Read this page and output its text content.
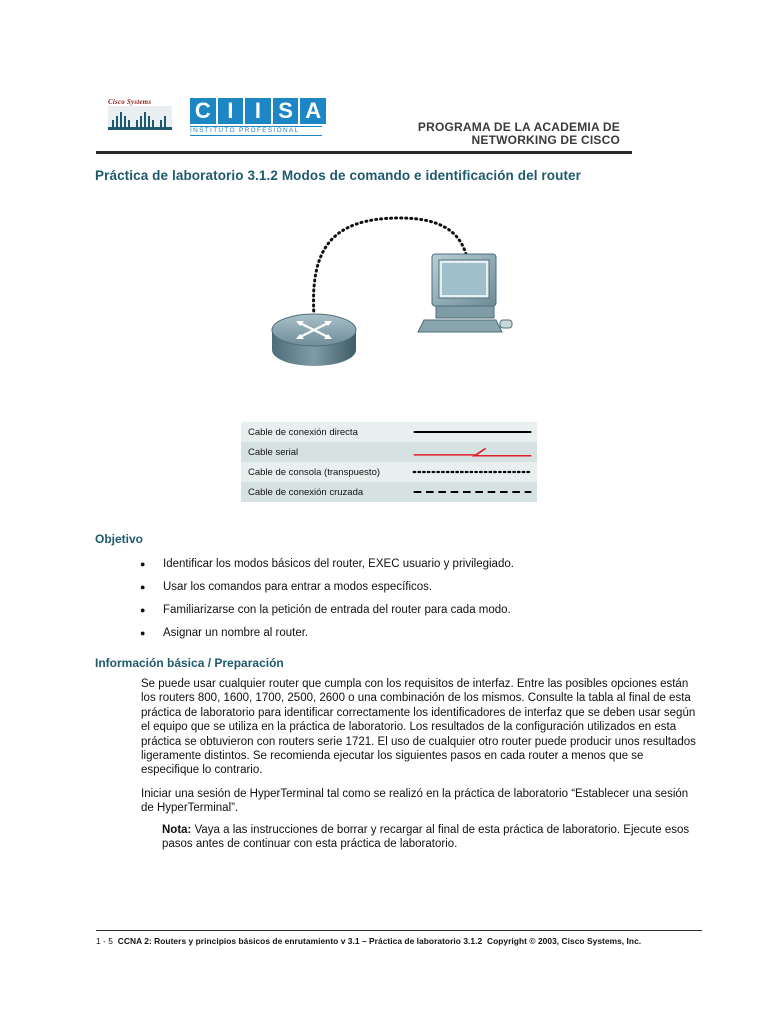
Cisco Systems	C I I S A
INSTITUTO PROFESIONAL	PROGRAMA DE LA ACADEMIA DE
NETWORKING DE CISCO
Práctica de laboratorio 3.1.2 Modos de comando e identificación del router
Cable de conexión directa
Cable serial
Cable de consola (transpuesto)
Cable de conexión cruzada
Objetivo
● Identificar los modos básicos del router, EXEC usuario y privilegiado.
● Usar los comandos para entrar a modos específicos.
● Familiarizarse con la petición de entrada del router para cada modo.
● Asignar un nombre al router.
Información básica / Preparación
Se puede usar cualquier router que cumpla con los requisitos de interfaz. Entre las posibles opciones están los routers 800, 1600, 1700, 2500, 2600 o una combinación de los mismos. Consulte la tabla al final de esta práctica de laboratorio para identificar correctamente los identificadores de interfaz que se deben usar según el equipo que se utiliza en la práctica de laboratorio. Los resultados de la configuración utilizados en esta práctica se obtuvieron con routers serie 1721. El uso de cualquier otro router puede producir unos resultados ligeramente distintos. Se recomienda ejecutar los siguientes pasos en cada router a menos que se especifique lo contrario.
Iniciar una sesión de HyperTerminal tal como se realizó en la práctica de laboratorio “Establecer una sesión de HyperTerminal”.
Nota: Vaya a las instrucciones de borrar y recargar al final de esta práctica de laboratorio. Ejecute esos pasos antes de continuar con esta práctica de laboratorio.
1 - 5 CCNA 2: Routers y principios básicos de enrutamiento v 3.1 – Práctica de laboratorio 3.1.2 Copyright © 2003, Cisco Systems, Inc.
